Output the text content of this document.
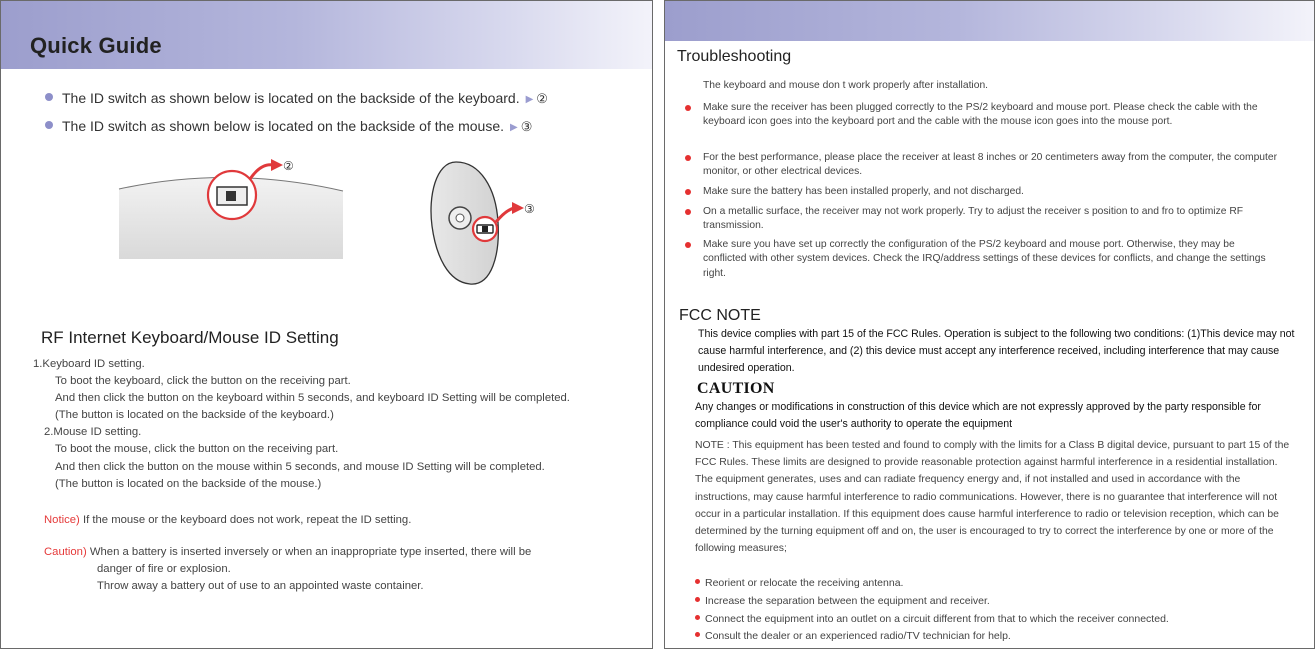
Quick Guide
The ID switch as shown below is located on the backside of the keyboard. ▶ ②
The ID switch as shown below is located on the backside of the mouse. ▶ ③
②
③
RF Internet Keyboard/Mouse ID Setting

1.Keyboard ID setting.

To boot the keyboard, click the button on the receiving part.

And then click the button on the keyboard within 5 seconds, and keyboard ID Setting will be completed.

(The button is located on the backside of the keyboard.)

2.Mouse ID setting.

To boot the mouse, click the button on the receiving part.

And then click the button on the mouse within 5 seconds, and mouse ID Setting will be completed.

(The button is located on the backside of the mouse.)

Notice) If the mouse or the keyboard does not work, repeat the ID setting.

Caution) When a battery is inserted inversely or when an inappropriate type inserted, there will be

danger of fire or explosion.

Throw away a battery out of use to an appointed waste container.

Troubleshooting
The keyboard and mouse don t work properly after installation.
Make sure the receiver has been plugged correctly to the PS/2 keyboard and mouse port. Please check the cable with the keyboard icon goes into the keyboard port and the cable with the mouse icon goes into the mouse port.
For the best performance, please place the receiver at least 8 inches or 20 centimeters away from the computer, the computer monitor, or other electrical devices.
Make sure the battery has been installed properly, and not discharged.
On a metallic surface, the receiver may not work properly. Try to adjust the receiver s position to and fro to optimize RF transmission.
Make sure you have set up correctly the configuration of the PS/2 keyboard and mouse port. Otherwise, they may be conflicted with other system devices. Check the IRQ/address settings of these devices for conflicts, and change the settings right.
FCC NOTE
This device complies with part 15 of the FCC Rules. Operation is subject to the following two conditions: (1)This device may not cause harmful interference, and (2) this device must accept any interference received, including interference that may cause undesired operation.
CAUTION
Any changes or modifications in construction of this device which are not expressly approved by the party responsible for compliance could void the user's authority to operate the equipment
NOTE : This equipment has been tested and found to comply with the limits for a Class B digital device, pursuant to part 15 of the FCC Rules. These limits are designed to provide reasonable protection against harmful interference in a residential installation. The equipment generates, uses and can radiate frequency energy and, if not installed and used in accordance with the instructions, may cause harmful interference to radio communications. However, there is no guarantee that interference will not occur in a particular installation. If this equipment does cause harmful interference to radio or television reception, which can be determined by the turning equipment off and on, the user is encouraged to try to correct the interference by one or more of the following measures;
Reorient or relocate the receiving antenna.
Increase the separation between the equipment and receiver.
Connect the equipment into an outlet on a circuit different from that to which the receiver connected.
Consult the dealer or an experienced radio/TV technician for help.
